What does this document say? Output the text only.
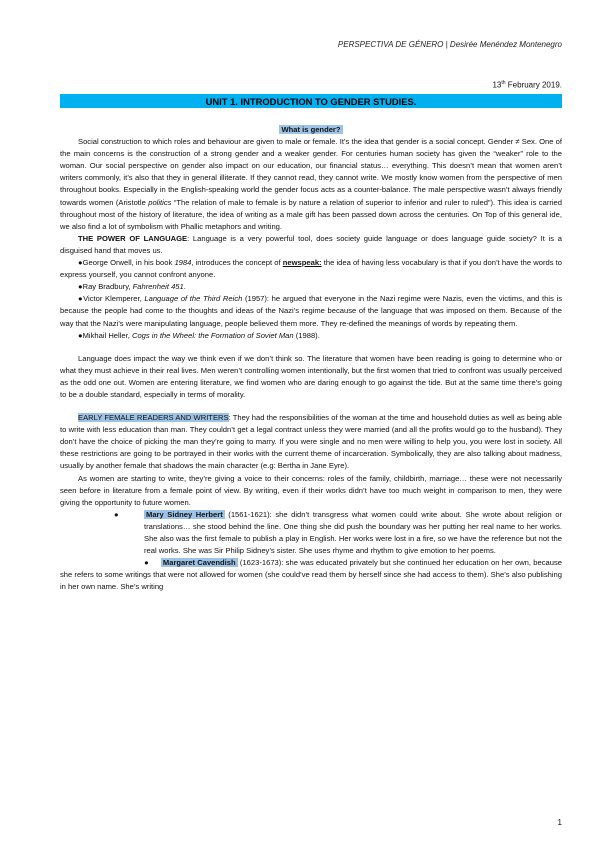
PERSPECTIVA DE GÉNERO | Desirée Menéndez Montenegro
13th February 2019.
UNIT 1. INTRODUCTION TO GENDER STUDIES.

What is gender?

Social construction to which roles and behaviour are given to male or female. It’s the idea that gender is a social concept. Gender ≠ Sex. One of the main concerns is the construction of a strong gender and a weaker gender. For centuries human society has given the “weaker” role to the woman. Our social perspective on gender also impact on our education, our financial status… everything. This doesn’t mean that women aren’t writers commonly, it’s also that they in general illiterate. If they cannot read, they cannot write. We mostly know women from the perspective of men throughout books. Especially in the English-speaking world the gender focus acts as a counter-balance. The male perspective wasn’t always friendly towards women (Aristotle politics “The relation of male to female is by nature a relation of superior to inferior and ruler to ruled”). This idea is carried throughout most of the history of literature, the idea of writing as a male gift has been passed down across the centuries. On Top of this general ide, we also find a lot of symbolism with Phallic metaphors and writing.

THE POWER OF LANGUAGE: Language is a very powerful tool, does society guide language or does language guide society? It is a disguised hand that moves us.

●George Orwell, in his book 1984, introduces the concept of newspeak: the idea of having less vocabulary is that if you don’t have the words to express yourself, you cannot confront anyone.

●Ray Bradbury, Fahrenheit 451.

●Victor Klemperer, Language of the Third Reich (1957): he argued that everyone in the Nazi regime were Nazis, even the victims, and this is because the people had come to the thoughts and ideas of the Nazi’s regime because of the language that was imposed on them. Because of the way that the Nazi’s were manipulating language, people believed them more. They re-defined the meanings of words by repeating them.

●Mikhail Heller, Cogs in the Wheel: the Formation of Soviet Man (1988).

Language does impact the way we think even if we don’t think so. The literature that women have been reading is going to determine who or what they must achieve in their real lives. Men weren’t controlling women intentionally, but the first women that tried to confront was usually perceived as the odd one out. Women are entering literature, we find women who are daring enough to go against the tide. But at the same time there’s going to be a double standard, especially in terms of morality.

EARLY FEMALE READERS AND WRITERS: They had the responsibilities of the woman at the time and household duties as well as being able to write with less education than man. They couldn’t get a legal contract unless they were married (and all the profits would go to the husband). They don’t have the choice of picking the man they’re going to marry. If you were single and no men were willing to help you, you were lost in society. All these restrictions are going to be portrayed in their works with the current theme of incarceration. Symbolically, they are also talking about madness, usually by another female that shadows the main character (e.g: Bertha in Jane Eyre).

As women are starting to write, they’re giving a voice to their concerns: roles of the family, childbirth, marriage… these were not necessarily seen before in literature from a female point of view. By writing, even if their works didn’t have too much weight in comparison to men, they were giving the opportunity to future women.

●	Mary Sidney Herbert (1561-1621): she didn’t transgress what women could write about. She wrote about religion or translations… she stood behind the line. One thing she did push the boundary was her putting her real name to her works. She also was the first female to publish a play in English. Her works were lost in a fire, so we have the reference but not the real works. She was Sir Philip Sidney’s sister. She uses rhyme and rhythm to give emotion to her poems.

● Margaret Cavendish (1623-1673): she was educated privately but she continued her education on her own, because she refers to some writings that were not allowed for women (she could’ve read them by herself since she had access to them). She’s also publishing in her own name. She’s writing

1
